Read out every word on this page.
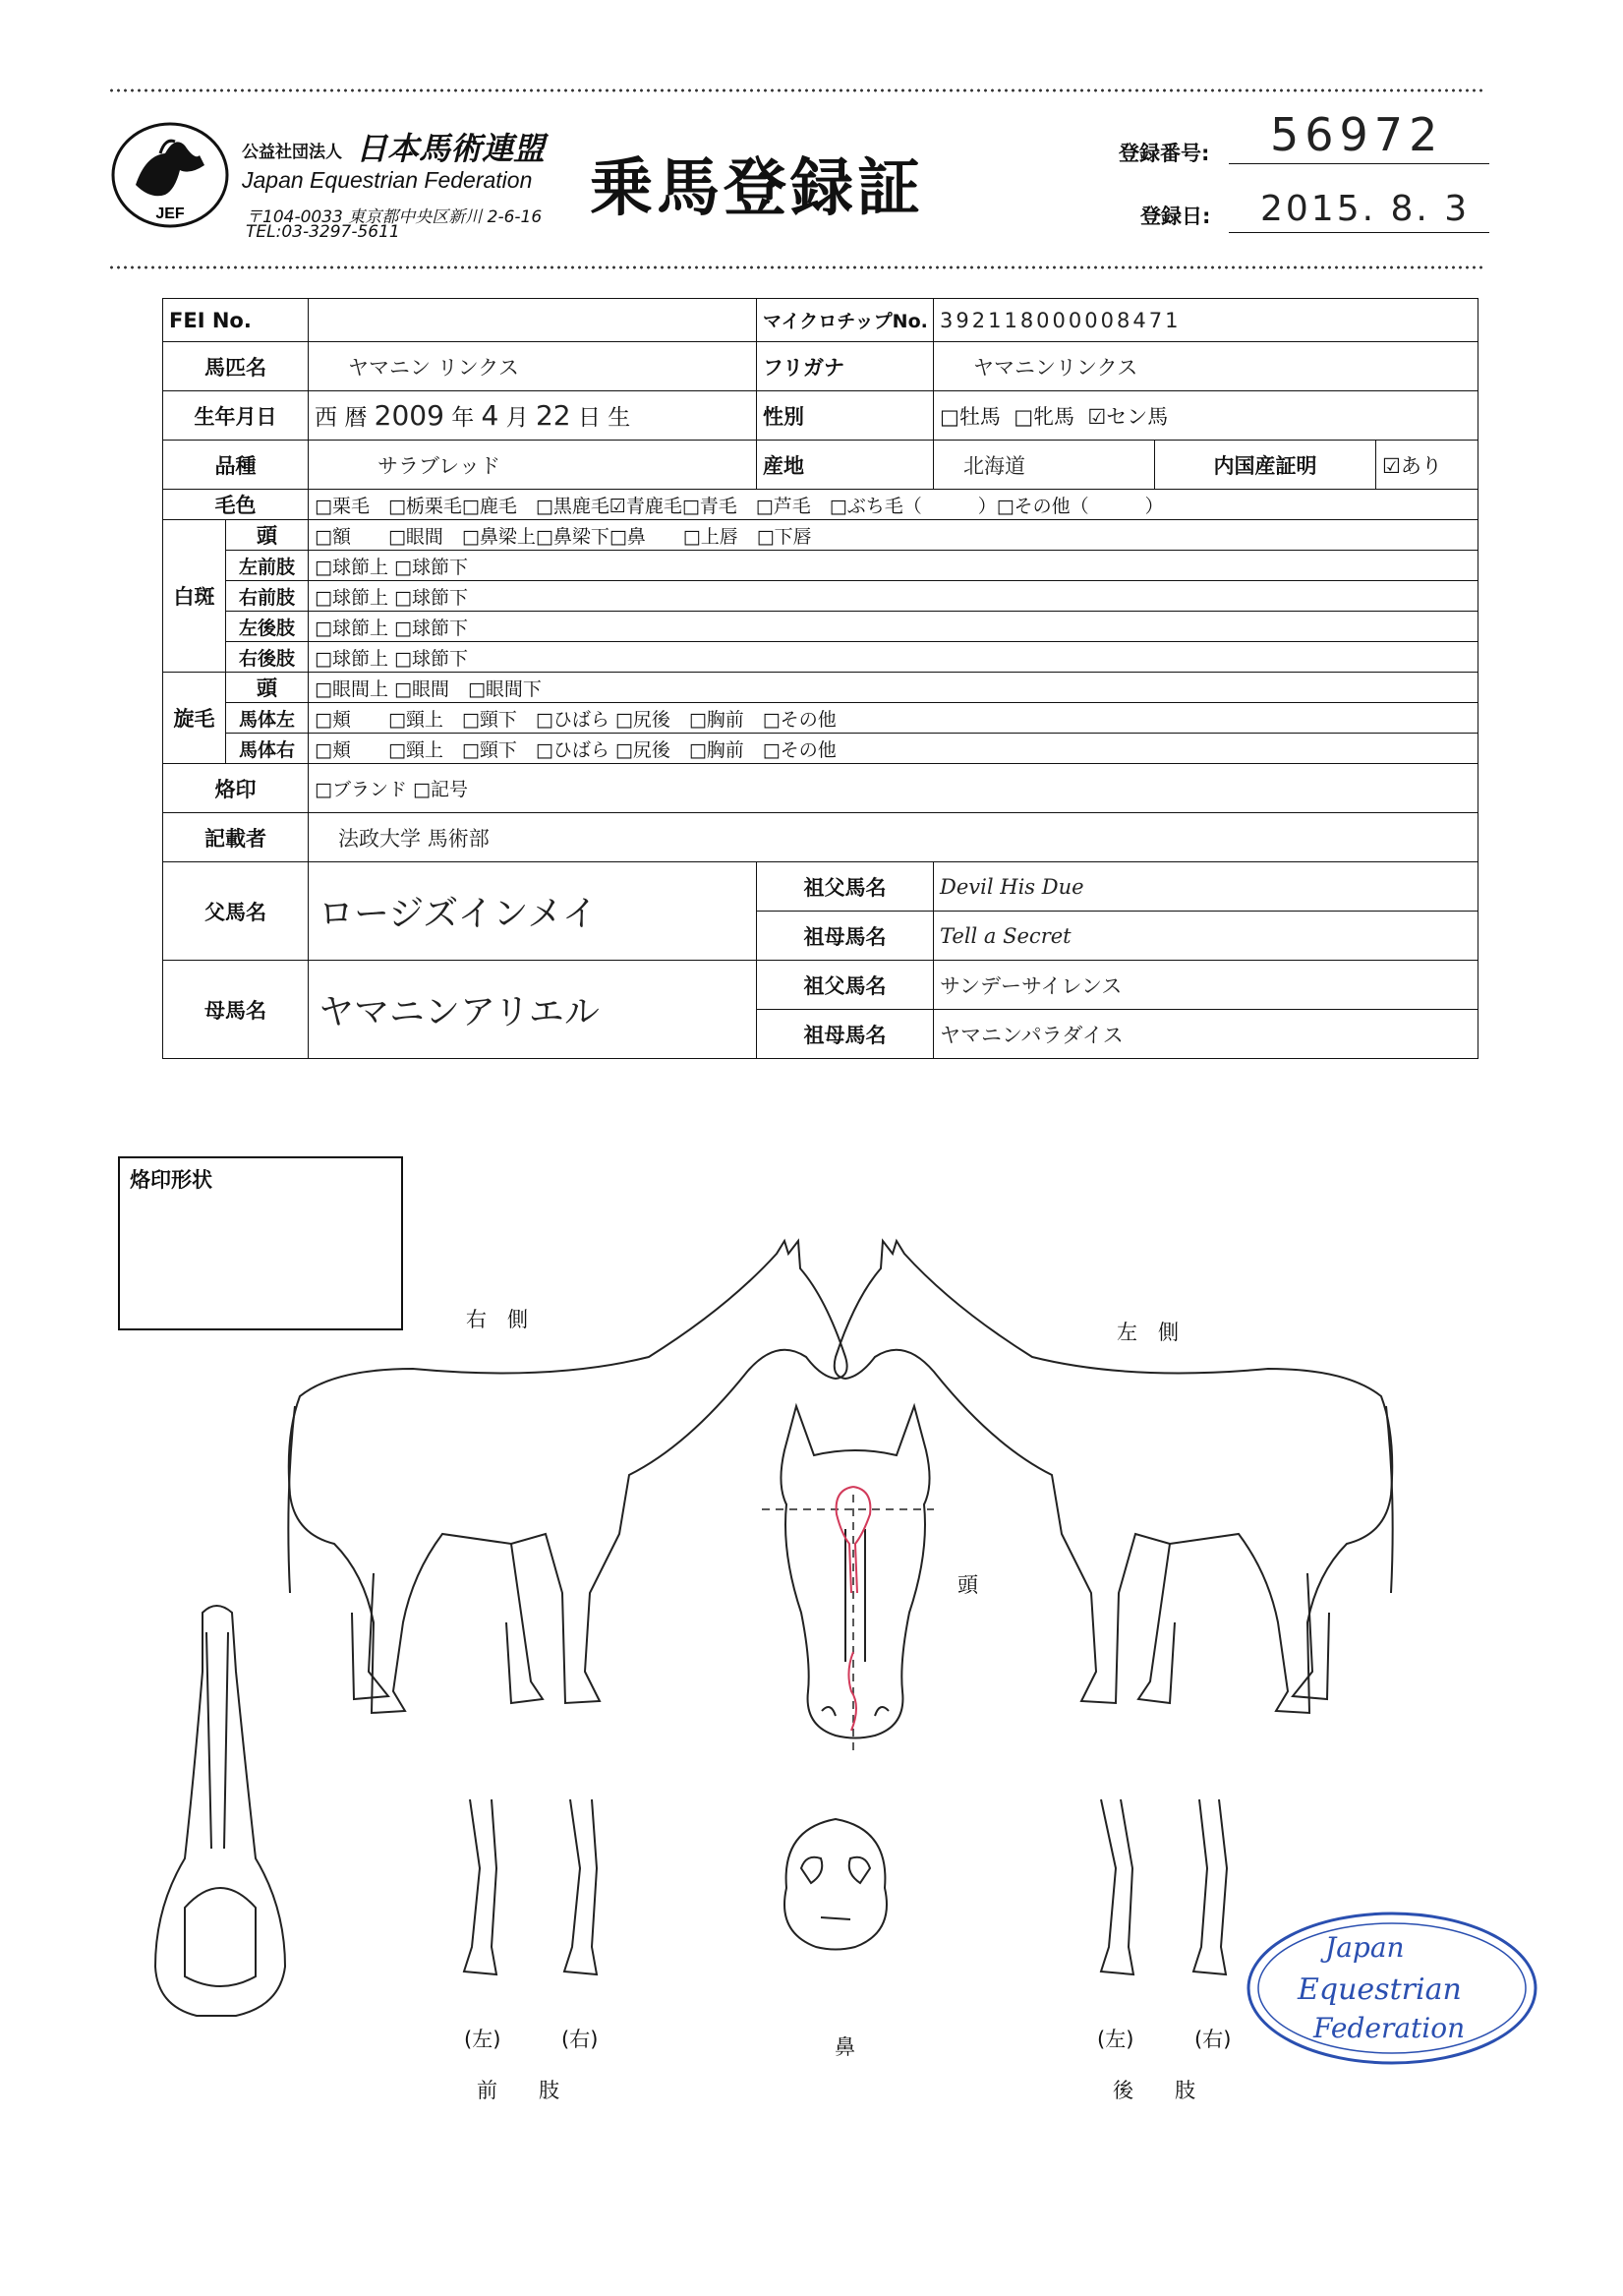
JEF
公益社団法人 日本馬術連盟
Japan Equestrian Federation
〒104-0033 東京都中央区新川 2-6-16
TEL:03-3297-5611
乗馬登録証	登録番号: 56972
登録日: 2015. 8. 3
FEI No.			マイクロチップNo.	392118000008471		
馬匹名		ヤマニン リンクス	フリガナ	ヤマニンリンクス		
生年月日		西 暦 2009 年 4 月 22 日 生	性別	□牡馬 □牝馬 ☑セン馬		
品種		サラブレッド	産地	北海道	内国産証明	☑あり
毛色		□栗毛　□栃栗毛□鹿毛　□黒鹿毛☑青鹿毛□青毛　□芦毛　□ぶち毛（　　　）□その他（　　　）				
白斑	頭	□額　　□眼間　□鼻梁上□鼻梁下□鼻　　□上唇　□下唇				
	左前肢	□球節上 □球節下				
	右前肢	□球節上 □球節下				
	左後肢	□球節上 □球節下				
	右後肢	□球節上 □球節下				
旋毛	頭	□眼間上 □眼間　□眼間下				
	馬体左	□頬　　□頸上　□頸下　□ひばら □尻後　□胸前　□その他				
	馬体右	□頬　　□頸上　□頸下　□ひばら □尻後　□胸前　□その他				
烙印		□ブランド □記号				
記載者		法政大学 馬術部				
父馬名		ロージズインメイ	祖父馬名	Devil His Due		
			祖母馬名	Tell a Secret		
母馬名		ヤマニンアリエル	祖父馬名	サンデーサイレンス		
			祖母馬名	ヤマニンパラダイス		
烙印形状
右　側
左　側
頭
鼻
(左)	(右)
前　　肢
(左)	(右)
後　　肢
Japan
Equestrian
Federation
